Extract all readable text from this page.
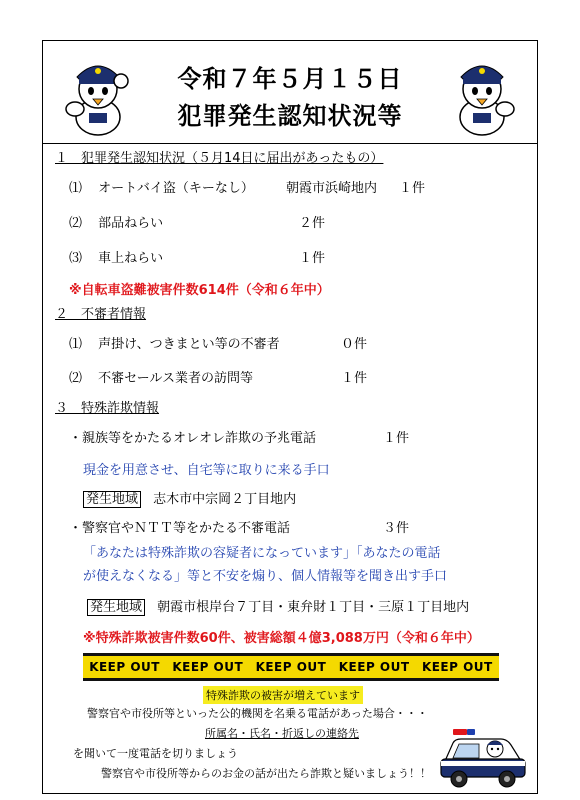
令和７年５月１５日
犯罪発生認知状況等
１　犯罪発生認知状況（５月14日に届出があったもの）
⑴ オートバイ盗（キーなし） 朝霞市浜崎地内 １件
⑵ 部品ねらい	２件
⑶ 車上ねらい	１件
※自転車盗難被害件数614件（令和６年中）
２　不審者情報
⑴ 声掛け、つきまとい等の不審者	０件
⑵ 不審セールス業者の訪問等	１件
３　特殊詐欺情報
・親族等をかたるオレオレ詐欺の予兆電話	１件
現金を用意させ、自宅等に取りに来る手口
発生地域 志木市中宗岡２丁目地内
・警察官やＮＴＴ等をかたる不審電話	３件
「あなたは特殊詐欺の容疑者になっています」「あなたの電話
が使えなくなる」等と不安を煽り、個人情報等を聞き出す手口
発生地域 朝霞市根岸台７丁目・東弁財１丁目・三原１丁目地内
※特殊詐欺被害件数60件、被害総額４億3,088万円（令和６年中）
KEEP OUT KEEP OUT KEEP OUT KEEP OUT KEEP OUT
特殊詐欺の被害が増えています
警察官や市役所等といった公的機関を名乗る電話があった場合・・・
所属名・氏名・折返しの連絡先
を聞いて一度電話を切りましょう
警察官や市役所等からのお金の話が出たら詐欺と疑いましょう！！
